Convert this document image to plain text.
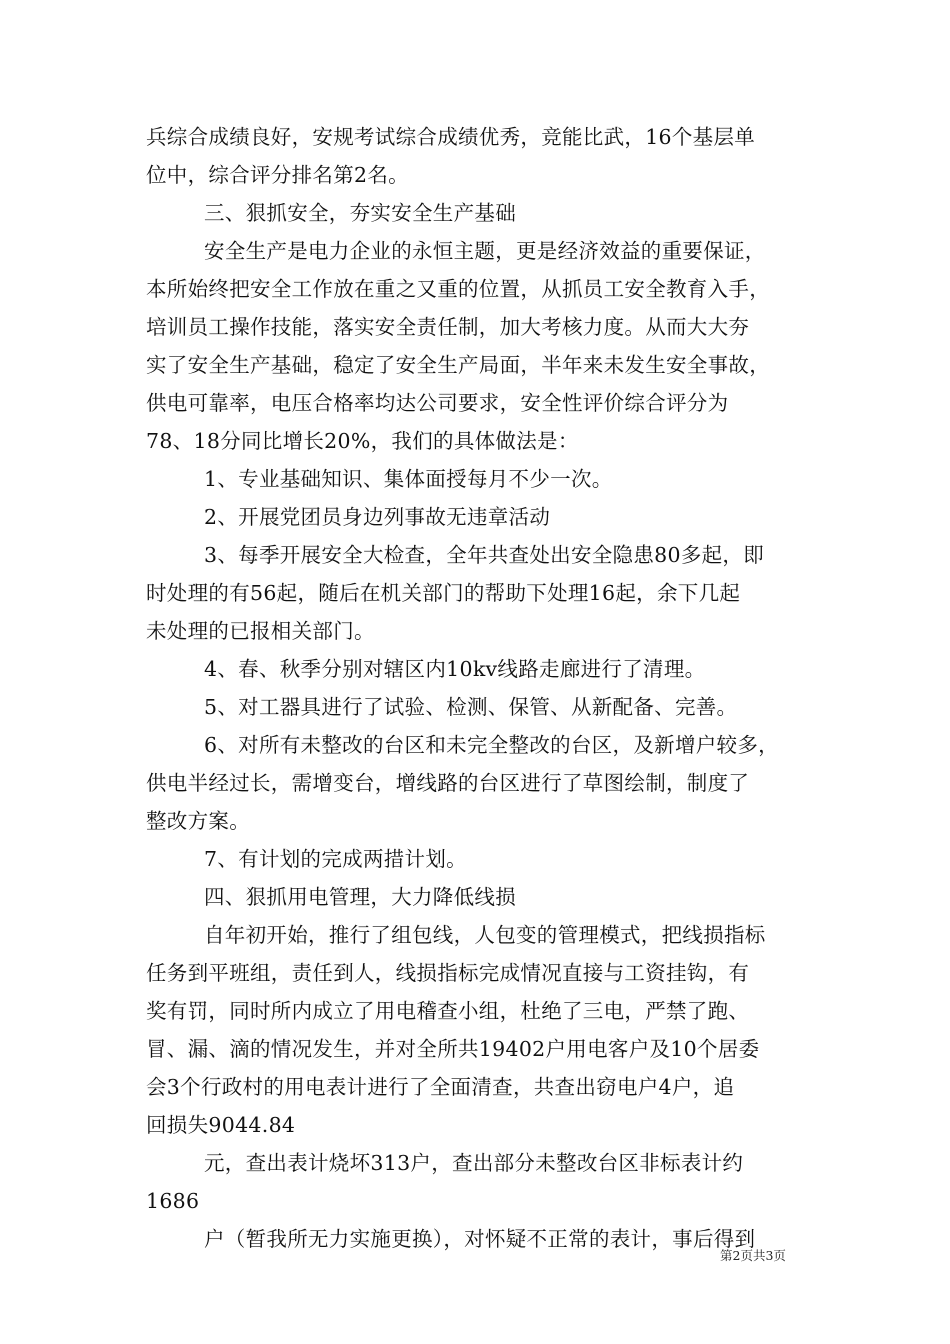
兵综合成绩良好，安规考试综合成绩优秀，竞能比武，16个基层单
位中，综合评分排名第2名。
三、狠抓安全，夯实安全生产基础
安全生产是电力企业的永恒主题，更是经济效益的重要保证，
本所始终把安全工作放在重之又重的位置，从抓员工安全教育入手，
培训员工操作技能，落实安全责任制，加大考核力度。从而大大夯
实了安全生产基础，稳定了安全生产局面，半年来未发生安全事故，
供电可靠率，电压合格率均达公司要求，安全性评价综合评分为
78、18分同比增长20%，我们的具体做法是：
1、专业基础知识、集体面授每月不少一次。
2、开展党团员身边列事故无违章活动
3、每季开展安全大检查，全年共查处出安全隐患80多起，即
时处理的有56起，随后在机关部门的帮助下处理16起，余下几起
未处理的已报相关部门。
4、春、秋季分别对辖区内10kv线路走廊进行了清理。
5、对工器具进行了试验、检测、保管、从新配备、完善。
6、对所有未整改的台区和未完全整改的台区，及新增户较多，
供电半经过长，需增变台，增线路的台区进行了草图绘制，制度了
整改方案。
7、有计划的完成两措计划。
四、狠抓用电管理，大力降低线损
自年初开始，推行了组包线，人包变的管理模式，把线损指标
任务到平班组，责任到人，线损指标完成情况直接与工资挂钩，有
奖有罚，同时所内成立了用电稽查小组，杜绝了三电，严禁了跑、
冒、漏、滴的情况发生，并对全所共19402户用电客户及10个居委
会3个行政村的用电表计进行了全面清查，共查出窃电户4户，追
回损失9044.84
元，查出表计烧坏313户，查出部分未整改台区非标表计约
1686
户（暂我所无力实施更换），对怀疑不正常的表计，事后得到
第2页共3页
